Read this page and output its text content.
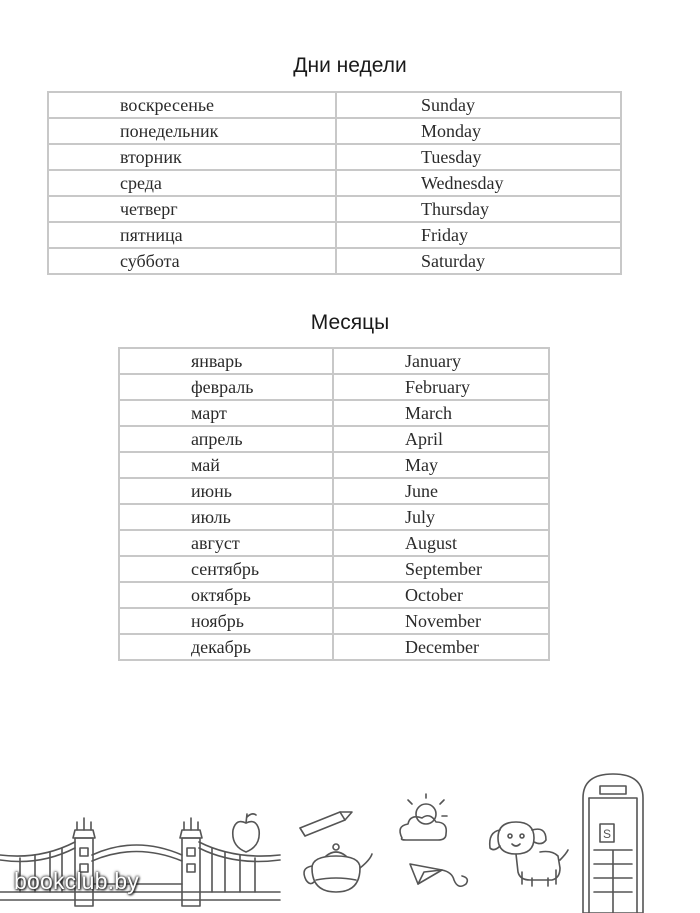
Дни недели
воскресенье	Sunday
понедельник	Monday
вторник	Tuesday
среда	Wednesday
четверг	Thursday
пятница	Friday
суббота	Saturday
Месяцы
январь	January
февраль	February
март	March
апрель	April
май	May
июнь	June
июль	July
август	August
сентябрь	September
октябрь	October
ноябрь	November
декабрь	December
S
bookclub.by
